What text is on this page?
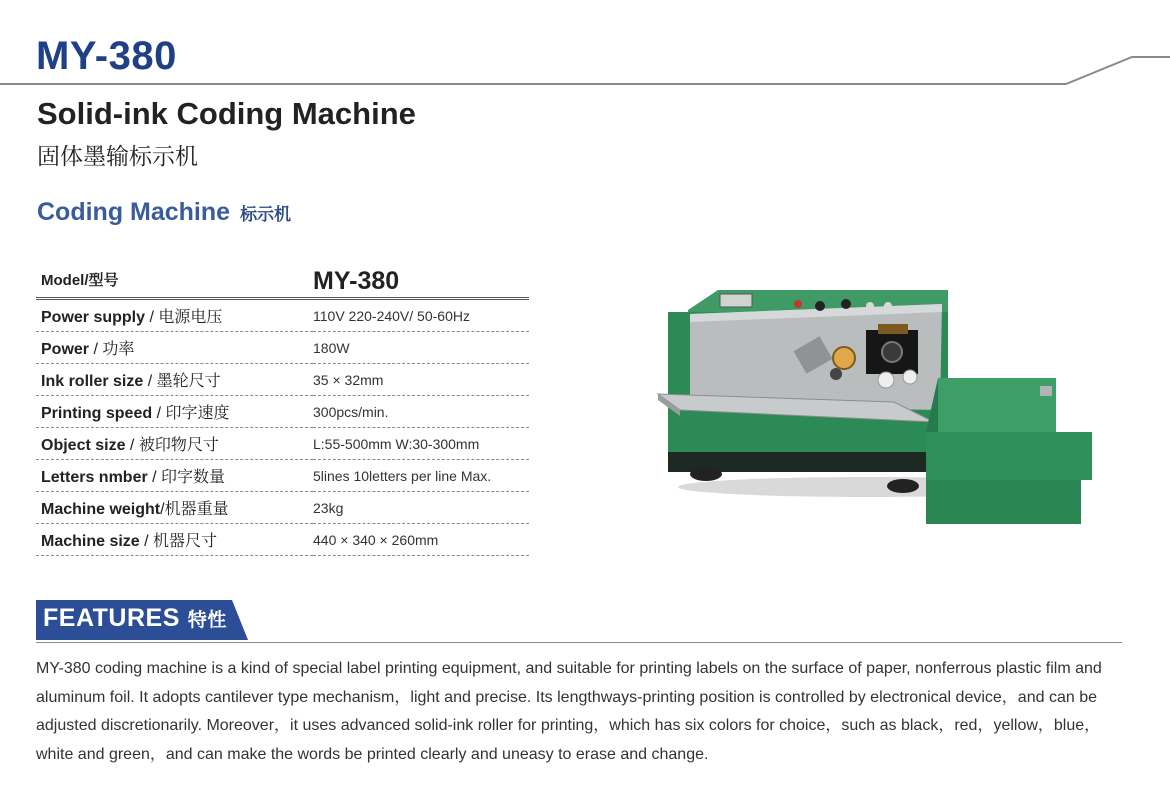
MY-380
Solid-ink Coding Machine
固体墨输标示机
Coding Machine 标示机
Model/型号	MY-380
Power supply / 电源电压	110V 220-240V/ 50-60Hz
Power / 功率	180W
Ink roller size / 墨轮尺寸	35 × 32mm
Printing speed / 印字速度	300pcs/min.
Object size / 被印物尺寸	L:55-500mm W:30-300mm
Letters nmber / 印字数量	5lines 10letters per line Max.
Machine weight/机器重量	23kg
Machine size / 机器尺寸	440 × 340 × 260mm
FEATURES 特性
MY-380 coding machine is a kind of special label printing equipment, and suitable for printing labels on the surface of paper, nonferrous plastic film and aluminum foil. It adopts cantilever type mechanism，light and precise. Its lengthways-printing position is controlled by electronical device，and can be adjusted discretionarily. Moreover，it uses advanced solid-ink roller for printing，which has six colors for choice，such as black，red，yellow，blue，white and green，and can make the words be printed clearly and uneasy to erase and change.
